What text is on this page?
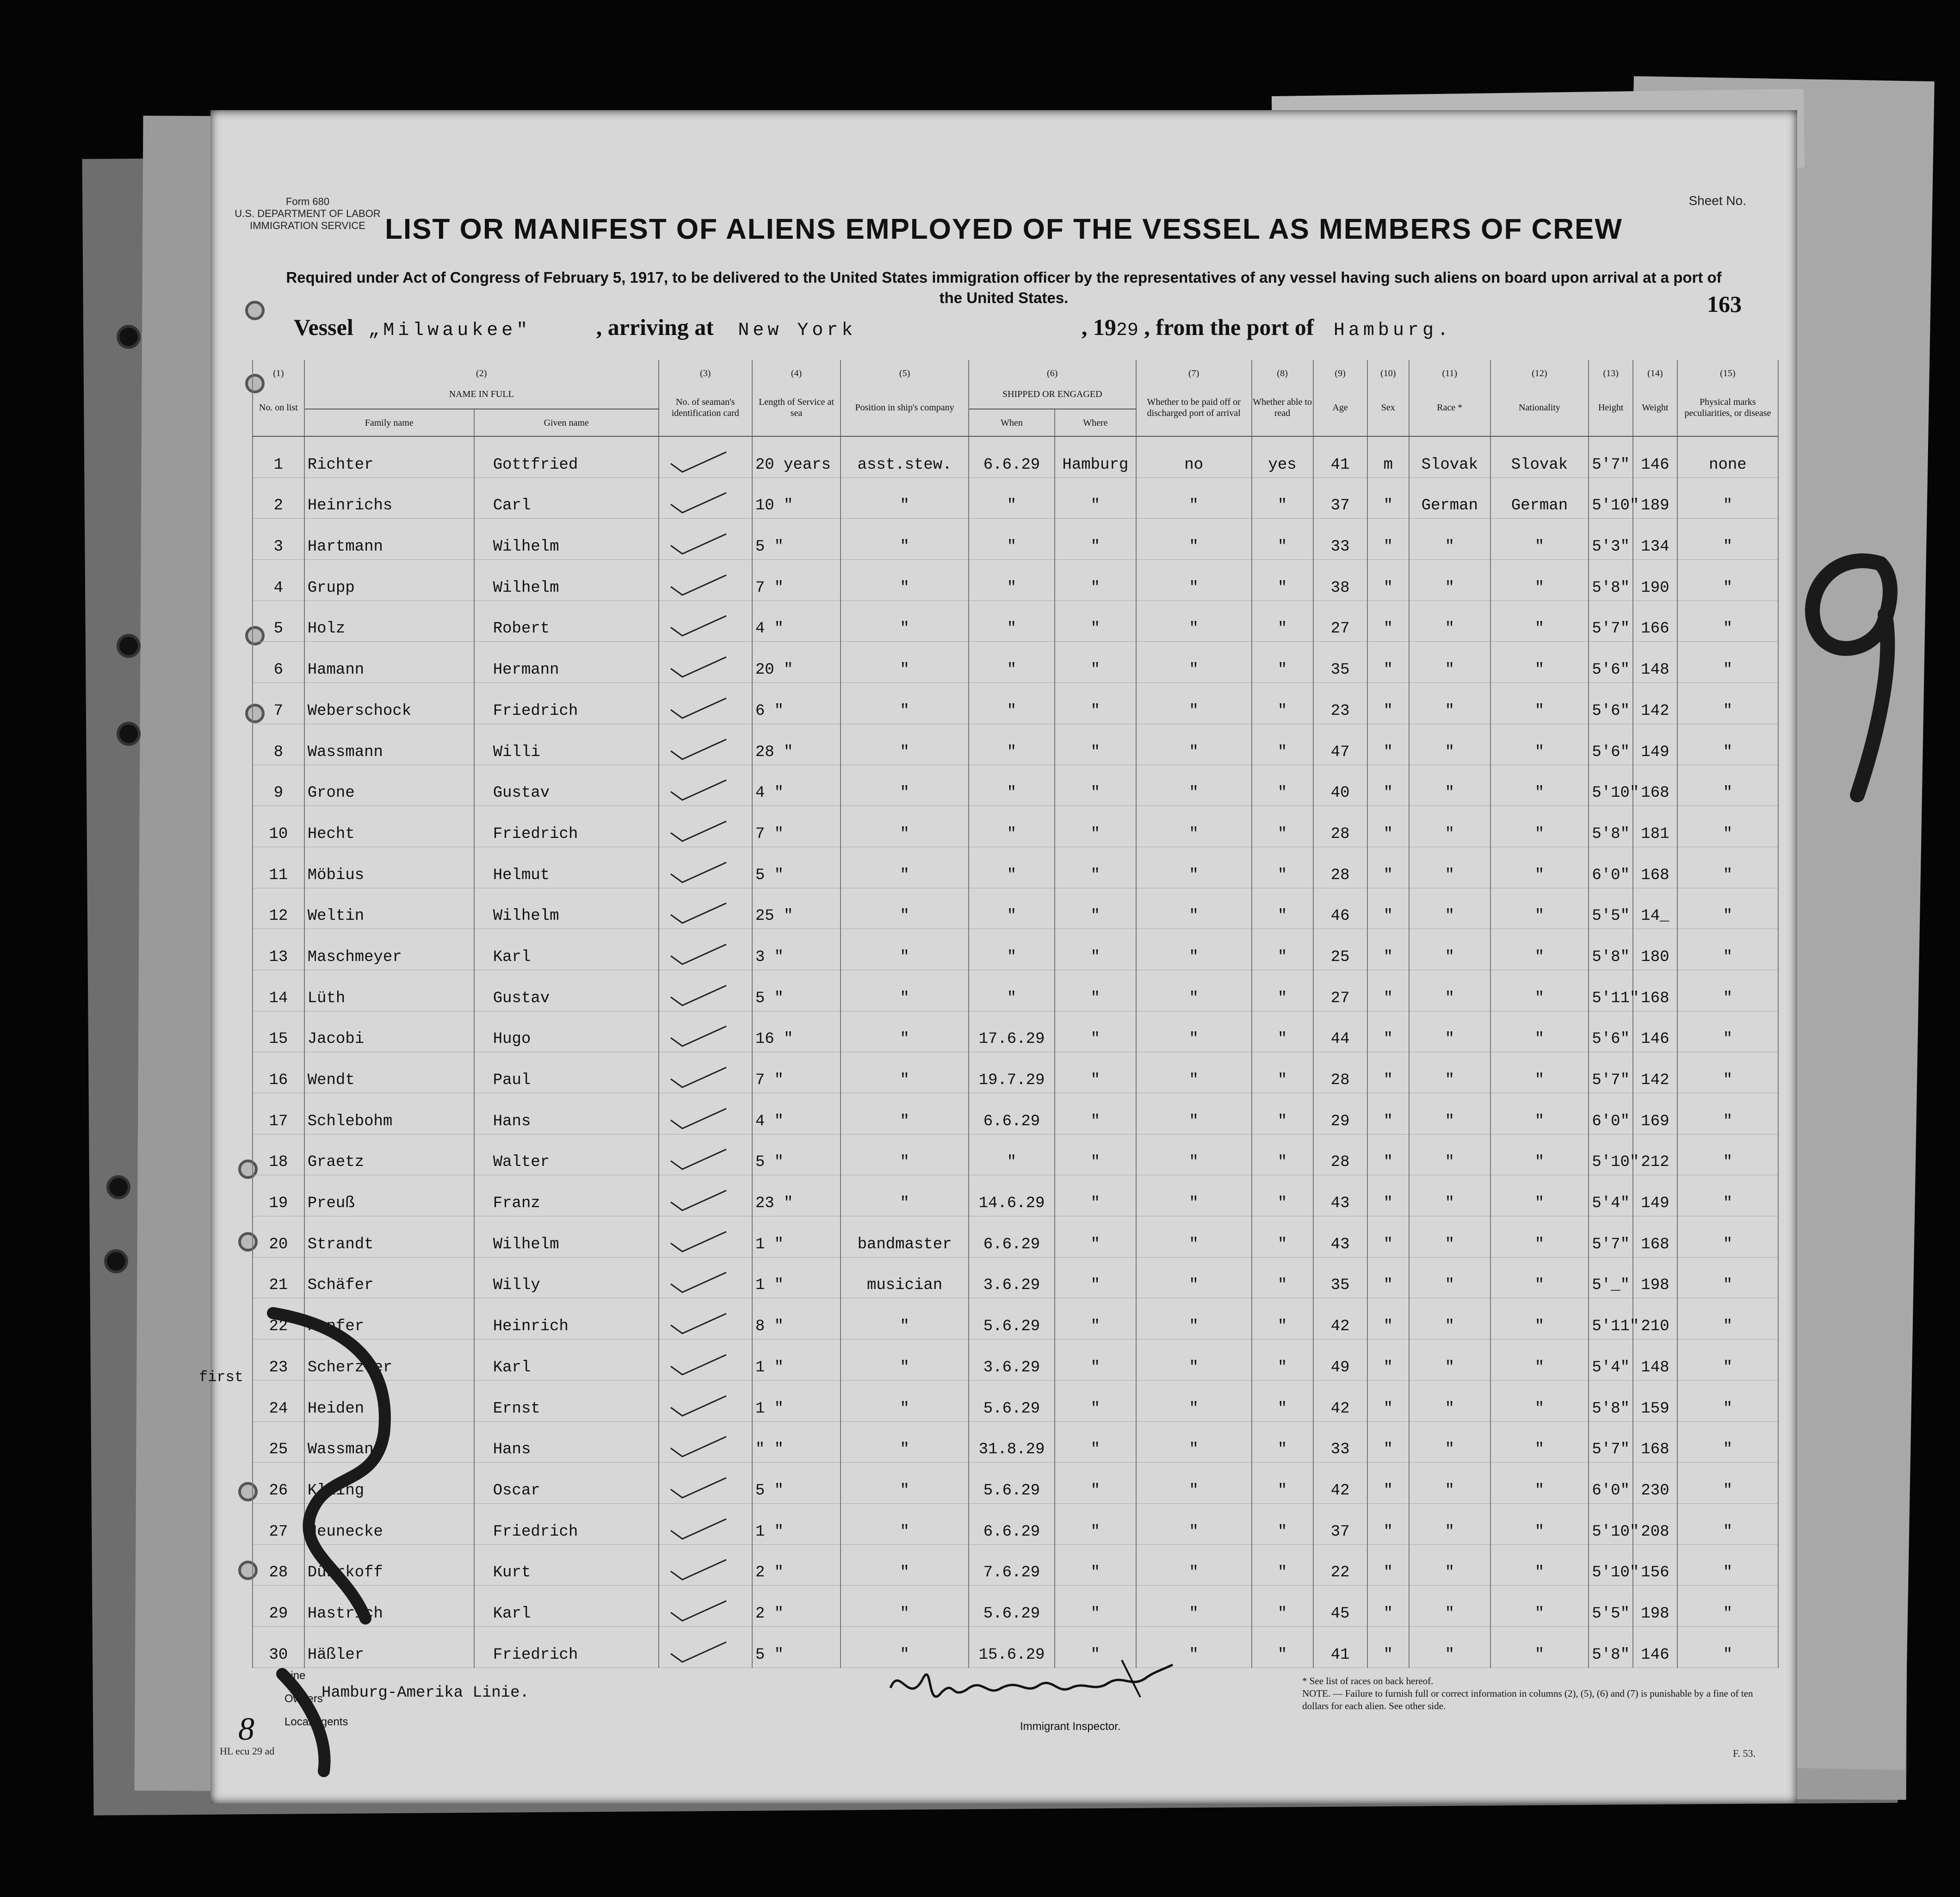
Form 680
U.S. DEPARTMENT OF LABOR
IMMIGRATION SERVICE
Sheet No.
LIST OR MANIFEST OF ALIENS EMPLOYED OF THE VESSEL AS MEMBERS OF CREW
Required under Act of Congress of February 5, 1917, to be delivered to the United States immigration officer by the representatives of any vessel having such aliens on board upon arrival at a port of the United States.	163
Vessel „Milwaukee"	, arriving at New York	, 1929 , from the port of Hamburg.
(1)	(2)		(3)	(4)	(5)	(6)		(7)	(8)	(9)	(10)	(11)	(12)	(13)	(14)	(15)
No. on list	NAME IN FULL		No. of seaman's identification card	Length of Service at sea	Position in ship's company	SHIPPED OR ENGAGED		Whether to be paid off or discharged port of arrival	Whether able to read	Age	Sex	Race *	Nationality	Height	Weight	Physical marks peculiarities, or disease
	Family name	Given name				When	Where									
1	Richter	Gottfried		20 years	asst.stew.	6.6.29	Hamburg	no	yes	41	m	Slovak	Slovak	5'7"	146	none
2	Heinrichs	Carl		10 "	"	"	"	"	"	37	"	German	German	5'10"	189	"
3	Hartmann	Wilhelm		5 "	"	"	"	"	"	33	"	"	"	5'3"	134	"
4	Grupp	Wilhelm		7 "	"	"	"	"	"	38	"	"	"	5'8"	190	"
5	Holz	Robert		4 "	"	"	"	"	"	27	"	"	"	5'7"	166	"
6	Hamann	Hermann		20 "	"	"	"	"	"	35	"	"	"	5'6"	148	"
7	Weberschock	Friedrich		6 "	"	"	"	"	"	23	"	"	"	5'6"	142	"
8	Wassmann	Willi		28 "	"	"	"	"	"	47	"	"	"	5'6"	149	"
9	Grone	Gustav		4 "	"	"	"	"	"	40	"	"	"	5'10"	168	"
10	Hecht	Friedrich		7 "	"	"	"	"	"	28	"	"	"	5'8"	181	"
11	Möbius	Helmut		5 "	"	"	"	"	"	28	"	"	"	6'0"	168	"
12	Weltin	Wilhelm		25 "	"	"	"	"	"	46	"	"	"	5'5"	14_	"
13	Maschmeyer	Karl		3 "	"	"	"	"	"	25	"	"	"	5'8"	180	"
14	Lüth	Gustav		5 "	"	"	"	"	"	27	"	"	"	5'11"	168	"
15	Jacobi	Hugo		16 "	"	17.6.29	"	"	"	44	"	"	"	5'6"	146	"
16	Wendt	Paul		7 "	"	19.7.29	"	"	"	28	"	"	"	5'7"	142	"
17	Schlebohm	Hans		4 "	"	6.6.29	"	"	"	29	"	"	"	6'0"	169	"
18	Graetz	Walter		5 "	"	"	"	"	"	28	"	"	"	5'10"	212	"
19	Preuß	Franz		23 "	"	14.6.29	"	"	"	43	"	"	"	5'4"	149	"
20	Strandt	Wilhelm		1 "	bandmaster	6.6.29	"	"	"	43	"	"	"	5'7"	168	"
21	Schäfer	Willy		1 "	musician	3.6.29	"	"	"	35	"	"	"	5'_"	198	"
22	Kupfer	Heinrich		8 "	"	5.6.29	"	"	"	42	"	"	"	5'11"	210	"
23	Scherzler	Karl		1 "	"	3.6.29	"	"	"	49	"	"	"	5'4"	148	"
24	Heiden	Ernst		1 "	"	5.6.29	"	"	"	42	"	"	"	5'8"	159	"
25	Wassmann	Hans		" "	"	31.8.29	"	"	"	33	"	"	"	5'7"	168	"
26	Klaing	Oscar		5 "	"	5.6.29	"	"	"	42	"	"	"	6'0"	230	"
27	Heunecke	Friedrich		1 "	"	6.6.29	"	"	"	37	"	"	"	5'10"	208	"
28	Dührkoff	Kurt		2 "	"	7.6.29	"	"	"	22	"	"	"	5'10"	156	"
29	Hastrich	Karl		2 "	"	5.6.29	"	"	"	45	"	"	"	5'5"	198	"
30	Häßler	Friedrich		5 "	"	15.6.29	"	"	"	41	"	"	"	5'8"	146	"
first
Line
Owners
Hamburg-Amerika Linie.
Local Agents	Immigrant Inspector.
* See list of races on back hereof.
NOTE. — Failure to furnish full or correct information in columns (2), (5), (6) and (7) is punishable by a fine of ten dollars for each alien. See other side.
F. 53.
HL ecu 29 ad
8
